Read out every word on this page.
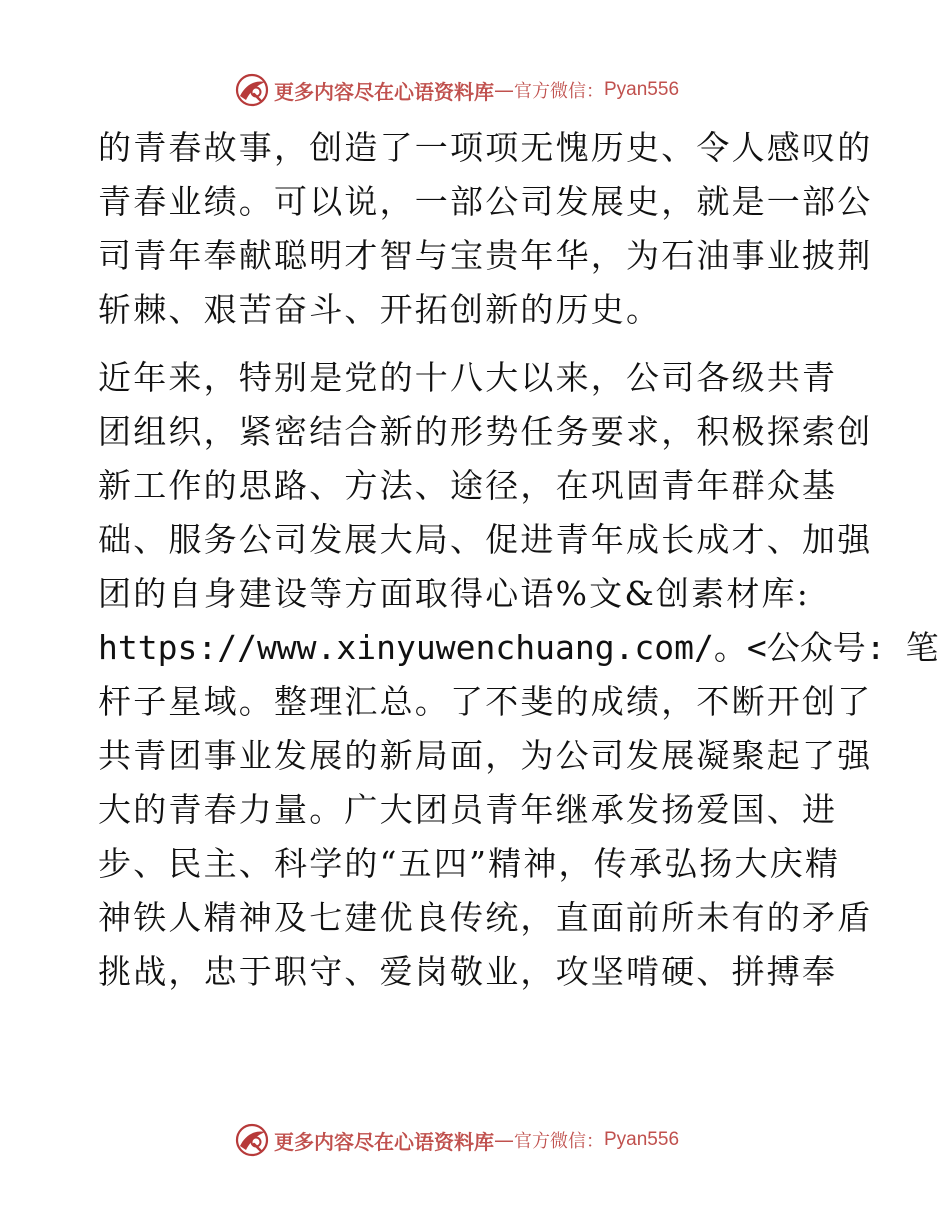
更多内容尽在心语资料库 — 官方微信： Pyan556
的青春故事，创造了一项项无愧历史、令人感叹的
青春业绩。可以说，一部公司发展史，就是一部公
司青年奉献聪明才智与宝贵年华，为石油事业披荆
斩棘、艰苦奋斗、开拓创新的历史。
近年来，特别是党的十八大以来，公司各级共青
团组织，紧密结合新的形势任务要求，积极探索创
新工作的思路、方法、途径，在巩固青年群众基
础、服务公司发展大局、促进青年成长成才、加强
团的自身建设等方面取得心语%文&创素材库:
https://www.xinyuwenchuang.com/。<公众号: 笔
杆子星域。整理汇总。了不斐的成绩，不断开创了
共青团事业发展的新局面，为公司发展凝聚起了强
大的青春力量。广大团员青年继承发扬爱国、进
步、民主、科学的“五四”精神，传承弘扬大庆精
神铁人精神及七建优良传统，直面前所未有的矛盾
挑战，忠于职守、爱岗敬业，攻坚啃硬、拼搏奉
更多内容尽在心语资料库 — 官方微信： Pyan556
